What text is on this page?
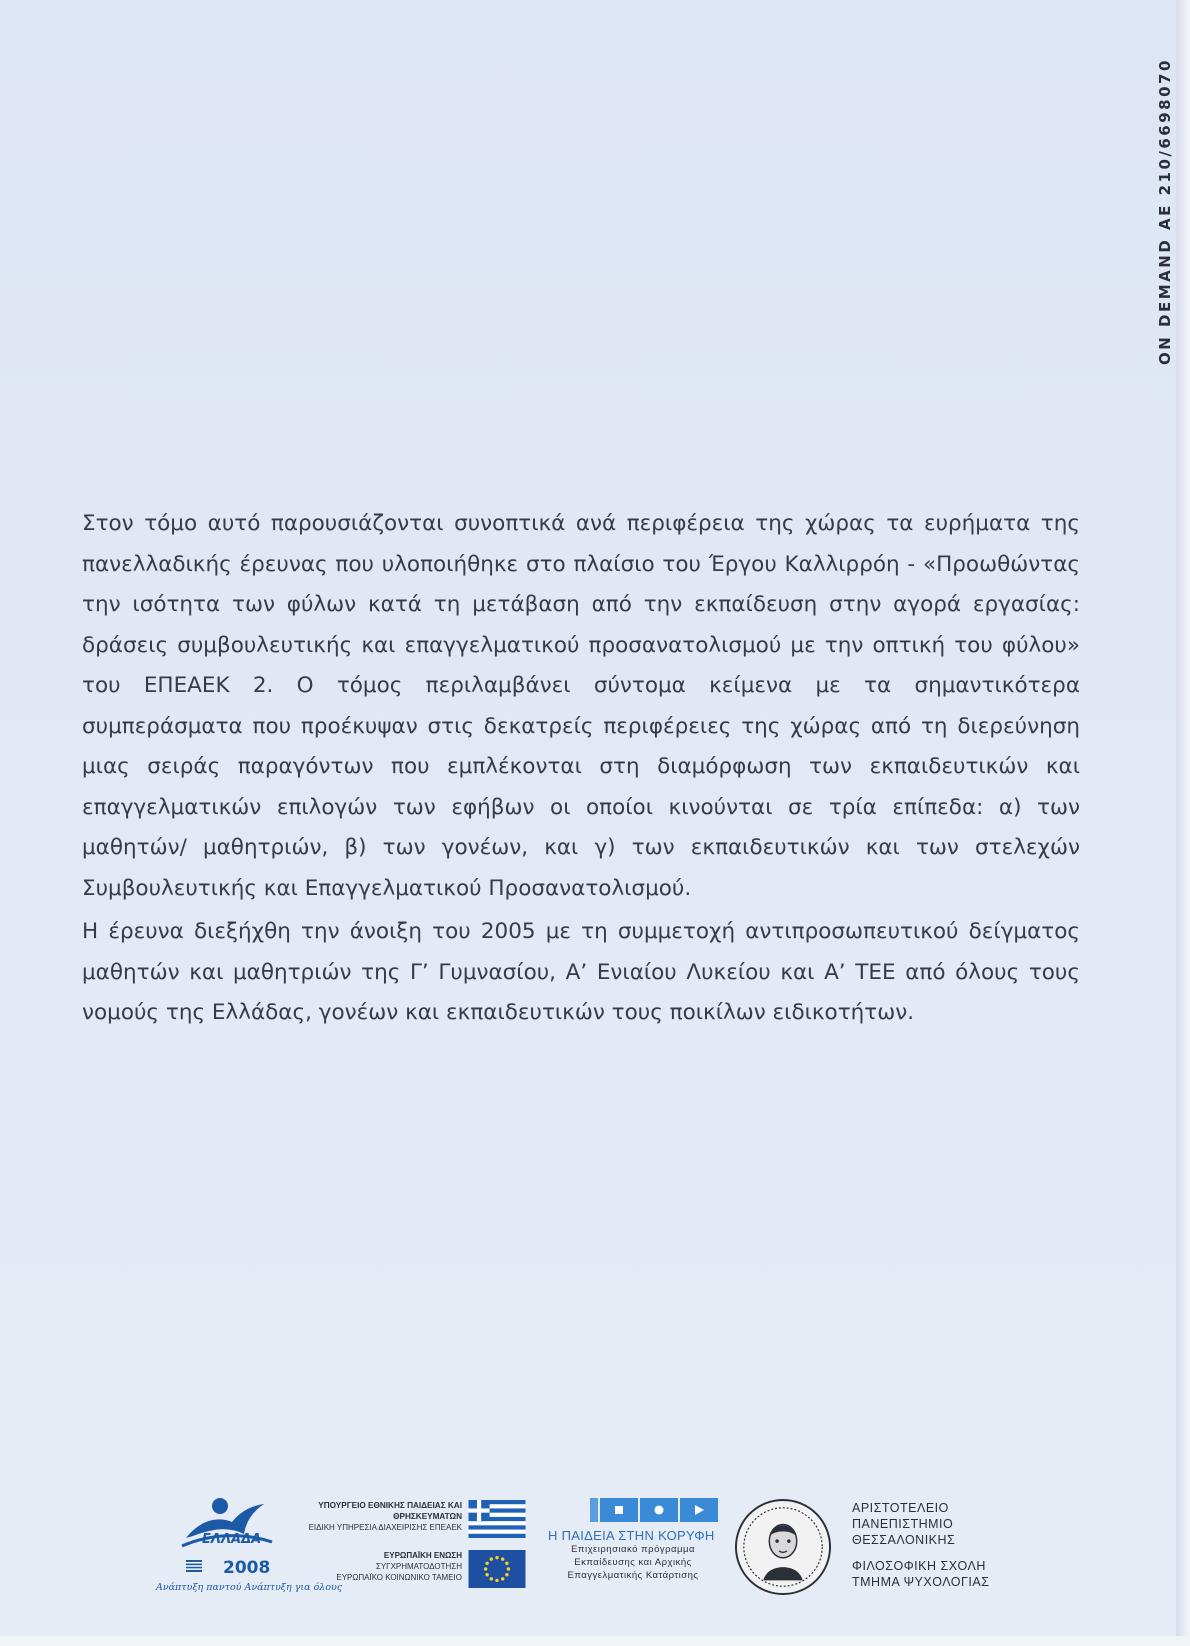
ON DEMAND AE 210/6698070

Στον τόμο αυτό παρουσιάζονται συνοπτικά ανά περιφέρεια της χώρας τα ευρήματα της πανελλαδικής έρευνας που υλοποιήθηκε στο πλαίσιο του Έργου Καλλιρρόη - «Προωθώντας την ισότητα των φύλων κατά τη μετάβαση από την εκπαίδευση στην αγορά εργασίας: δράσεις συμβουλευτικής και επαγγελματικού προσανατολισμού με την οπτική του φύλου» του ΕΠΕΑΕΚ 2. Ο τόμος περιλαμβάνει σύντομα κείμενα με τα σημαντικότερα συμπεράσματα που προέκυψαν στις δεκατρείς περιφέρειες της χώρας από τη διερεύνηση μιας σειράς παραγόντων που εμπλέκονται στη διαμόρφωση των εκπαιδευτικών και επαγγελματικών επιλογών των εφήβων οι οποίοι κινούνται σε τρία επίπεδα: α) των μαθητών/ μαθητριών, β) των γονέων, και γ) των εκπαιδευτικών και των στελεχών Συμβουλευτικής και Επαγγελματικού Προσανατολισμού.

Η έρευνα διεξήχθη την άνοιξη του 2005 με τη συμμετοχή αντιπροσωπευτικού δείγματος μαθητών και μαθητριών της Γ’ Γυμνασίου, Α’ Ενιαίου Λυκείου και Α’ ΤΕΕ από όλους τους νομούς της Ελλάδας, γονέων και εκπαιδευτικών τους ποικίλων ειδικοτήτων.

ΕΛΛΑΔΑ
2008
Ανάπτυξη παντού Ανάπτυξη για όλους
ΥΠΟΥΡΓΕΙΟ ΕΘΝΙΚΗΣ ΠΑΙΔΕΙΑΣ ΚΑΙ ΘΡΗΣΚΕΥΜΑΤΩΝ
ΕΙΔΙΚΗ ΥΠΗΡΕΣΙΑ ΔΙΑΧΕΙΡΙΣΗΣ ΕΠΕΑΕΚ
ΕΥΡΩΠΑΪΚΗ ΕΝΩΣΗ
ΣΥΓΧΡΗΜΑΤΟΔΟΤΗΣΗ
ΕΥΡΩΠΑΪΚΟ ΚΟΙΝΩΝΙΚΟ ΤΑΜΕΙΟ
Η ΠΑΙΔΕΙΑ ΣΤΗΝ ΚΟΡΥΦΗ
Επιχειρησιακό πρόγραμμα
Εκπαίδευσης και Αρχικής
Επαγγελματικής Κατάρτισης
ΑΡΙΣΤΟΤΕΛΕΙΟ
ΠΑΝΕΠΙΣΤΗΜΙΟ
ΘΕΣΣΑΛΟΝΙΚΗΣ
ΦΙΛΟΣΟΦΙΚΗ ΣΧΟΛΗ
ΤΜΗΜΑ ΨΥΧΟΛΟΓΙΑΣ
